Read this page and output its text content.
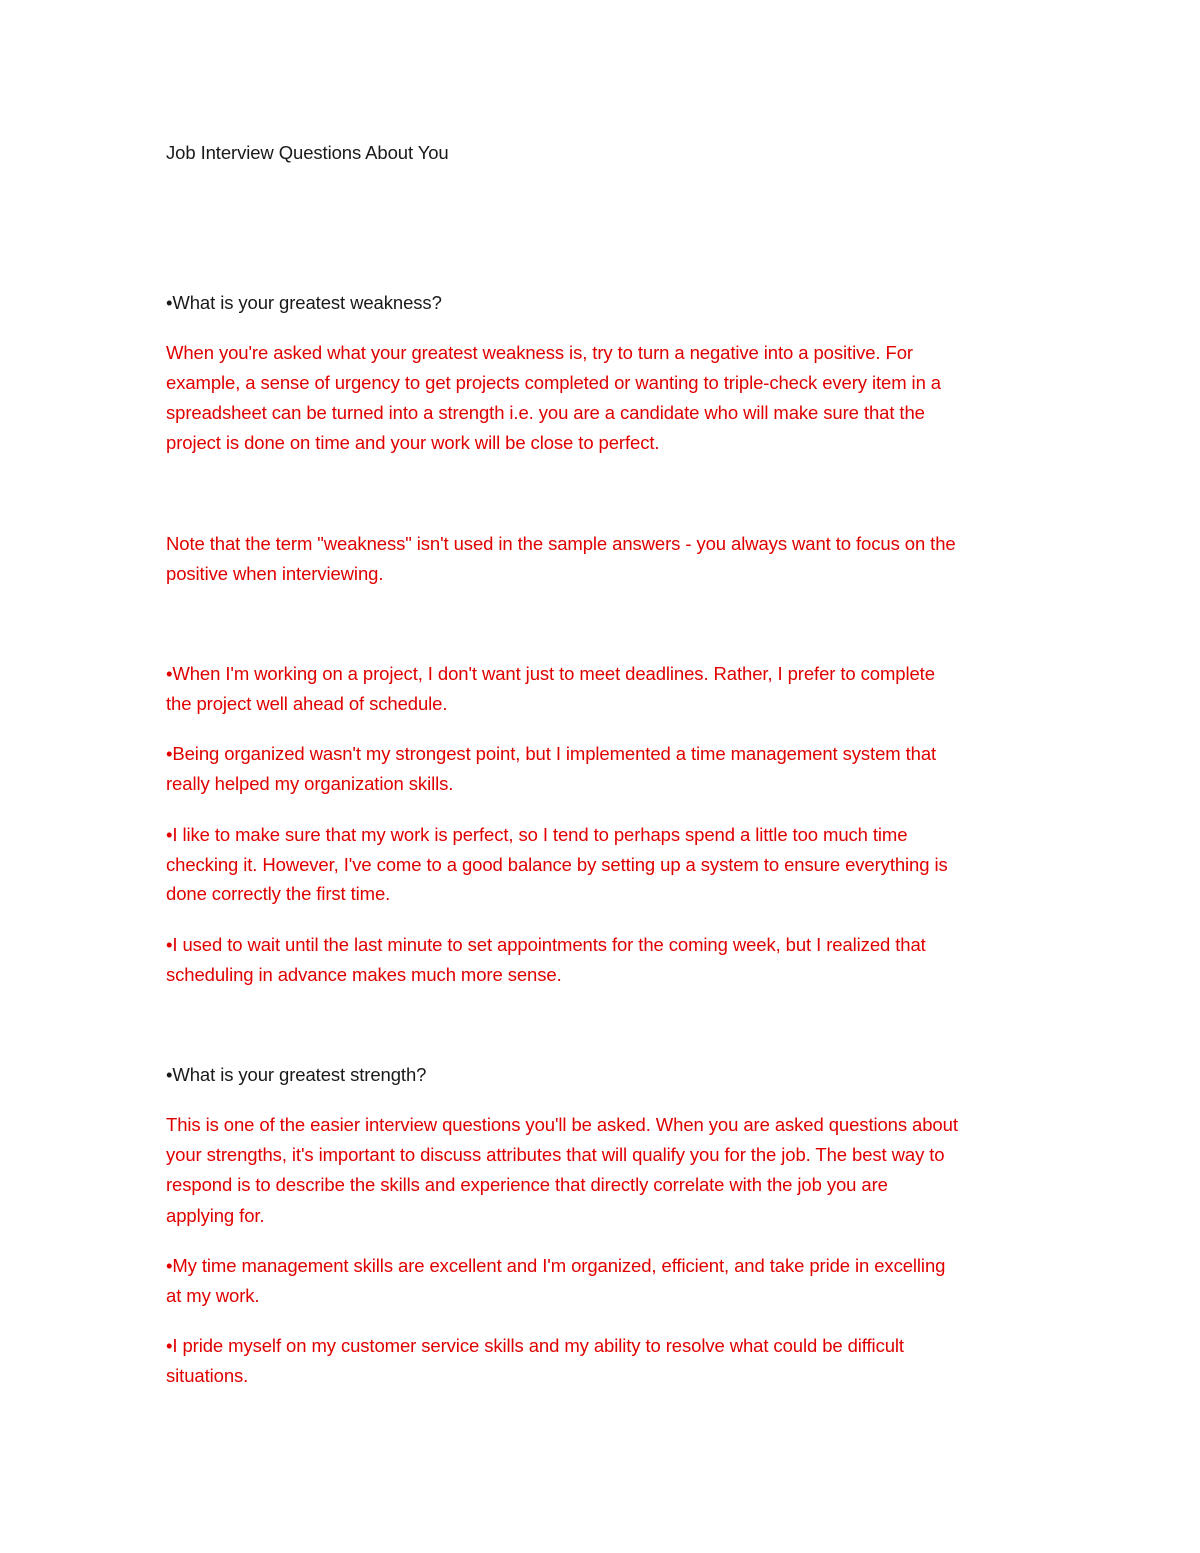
Job Interview Questions About You
•What is your greatest weakness?
When you're asked what your greatest weakness is, try to turn a negative into a positive. For
example, a sense of urgency to get projects completed or wanting to triple-check every item in a
spreadsheet can be turned into a strength i.e. you are a candidate who will make sure that the
project is done on time and your work will be close to perfect.
Note that the term "weakness" isn't used in the sample answers - you always want to focus on the
positive when interviewing.
•When I'm working on a project, I don't want just to meet deadlines. Rather, I prefer to complete
the project well ahead of schedule.
•Being organized wasn't my strongest point, but I implemented a time management system that
really helped my organization skills.
•I like to make sure that my work is perfect, so I tend to perhaps spend a little too much time
checking it. However, I've come to a good balance by setting up a system to ensure everything is
done correctly the first time.
•I used to wait until the last minute to set appointments for the coming week, but I realized that
scheduling in advance makes much more sense.
•What is your greatest strength?
This is one of the easier interview questions you'll be asked. When you are asked questions about
your strengths, it's important to discuss attributes that will qualify you for the job. The best way to
respond is to describe the skills and experience that directly correlate with the job you are
applying for.
•My time management skills are excellent and I'm organized, efficient, and take pride in excelling
at my work.
•I pride myself on my customer service skills and my ability to resolve what could be difficult
situations.
